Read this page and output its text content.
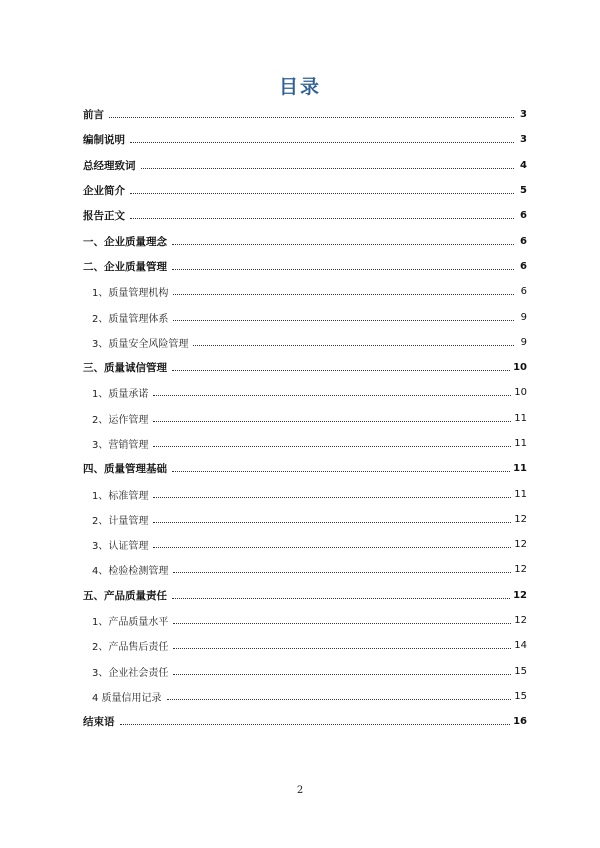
目录
前言	3
编制说明	3
总经理致词	4
企业简介	5
报告正文	6
一、企业质量理念	6
二、企业质量管理	6
1、质量管理机构	6
2、质量管理体系	9
3、质量安全风险管理	9
三、质量诚信管理	10
1、质量承诺	10
2、运作管理	11
3、营销管理	11
四、质量管理基础	11
1、标准管理	11
2、计量管理	12
3、认证管理	12
4、检验检测管理	12
五、产品质量责任	12
1、产品质量水平	12
2、产品售后责任	14
3、企业社会责任	15
4 质量信用记录	15
结束语	16
2
